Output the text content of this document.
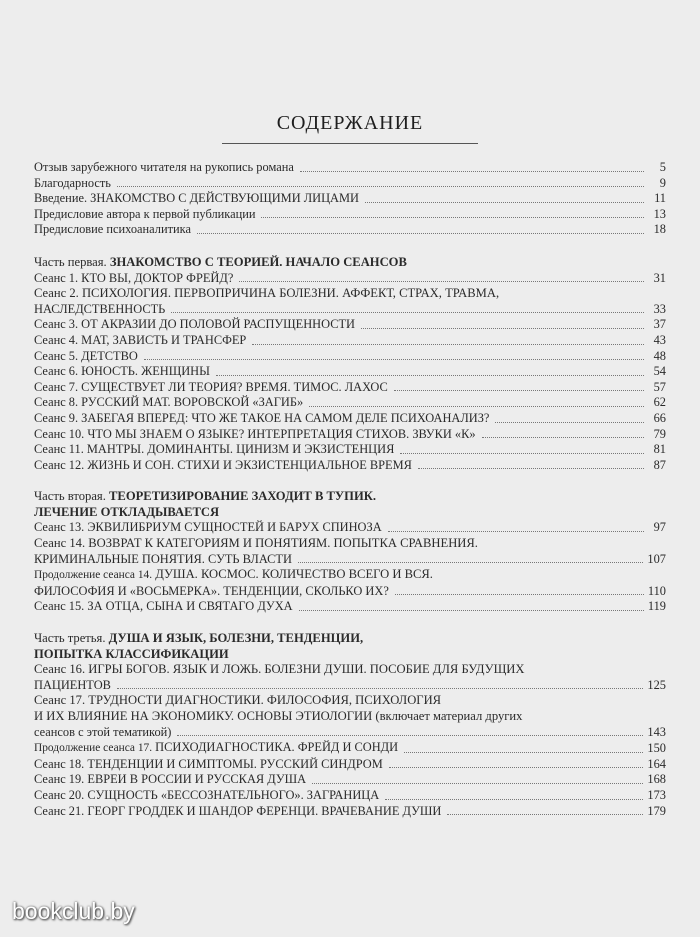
СОДЕРЖАНИЕ
Отзыв зарубежного читателя на рукопись романа	5
Благодарность	9
Введение. ЗНАКОМСТВО С ДЕЙСТВУЮЩИМИ ЛИЦАМИ	11
Предисловие автора к первой публикации	13
Предисловие психоаналитика	18
Часть первая. ЗНАКОМСТВО С ТЕОРИЕЙ. НАЧАЛО СЕАНСОВ
Сеанс 1. КТО ВЫ, ДОКТОР ФРЕЙД?	31
Сеанс 2. ПСИХОЛОГИЯ. ПЕРВОПРИЧИНА БОЛЕЗНИ. АФФЕКТ, СТРАХ, ТРАВМА,
НАСЛЕДСТВЕННОСТЬ	33
Сеанс 3. ОТ АКРАЗИИ ДО ПОЛОВОЙ РАСПУЩЕННОСТИ	37
Сеанс 4. МАТ, ЗАВИСТЬ И ТРАНСФЕР	43
Сеанс 5. ДЕТСТВО	48
Сеанс 6. ЮНОСТЬ. ЖЕНЩИНЫ	54
Сеанс 7. СУЩЕСТВУЕТ ЛИ ТЕОРИЯ? ВРЕМЯ. ТИМОС. ЛАХОС	57
Сеанс 8. РУССКИЙ МАТ. ВОРОВСКОЙ «ЗАГИБ»	62
Сеанс 9. ЗАБЕГАЯ ВПЕРЕД: ЧТО ЖЕ ТАКОЕ НА САМОМ ДЕЛЕ ПСИХОАНАЛИЗ?	66
Сеанс 10. ЧТО МЫ ЗНАЕМ О ЯЗЫКЕ? ИНТЕРПРЕТАЦИЯ СТИХОВ. ЗВУКИ «К»	79
Сеанс 11. МАНТРЫ. ДОМИНАНТЫ. ЦИНИЗМ И ЭКЗИСТЕНЦИЯ	81
Сеанс 12. ЖИЗНЬ И СОН. СТИХИ И ЭКЗИСТЕНЦИАЛЬНОЕ ВРЕМЯ	87
Часть вторая. ТЕОРЕТИЗИРОВАНИЕ ЗАХОДИТ В ТУПИК.
ЛЕЧЕНИЕ ОТКЛАДЫВАЕТСЯ
Сеанс 13. ЭКВИЛИБРИУМ СУЩНОСТЕЙ И БАРУХ СПИНОЗА	97
Сеанс 14. ВОЗВРАТ К КАТЕГОРИЯМ И ПОНЯТИЯМ. ПОПЫТКА СРАВНЕНИЯ.
КРИМИНАЛЬНЫЕ ПОНЯТИЯ. СУТЬ ВЛАСТИ	107
Продолжение сеанса 14. ДУША. КОСМОС. КОЛИЧЕСТВО ВСЕГО И ВСЯ.
ФИЛОСОФИЯ И «ВОСЬМЕРКА». ТЕНДЕНЦИИ, СКОЛЬКО ИХ?	110
Сеанс 15. ЗА ОТЦА, СЫНА И СВЯТАГО ДУХА	119
Часть третья. ДУША И ЯЗЫК, БОЛЕЗНИ, ТЕНДЕНЦИИ,
ПОПЫТКА КЛАССИФИКАЦИИ
Сеанс 16. ИГРЫ БОГОВ. ЯЗЫК И ЛОЖЬ. БОЛЕЗНИ ДУШИ. ПОСОБИЕ ДЛЯ БУДУЩИХ
ПАЦИЕНТОВ	125
Сеанс 17. ТРУДНОСТИ ДИАГНОСТИКИ. ФИЛОСОФИЯ, ПСИХОЛОГИЯ
И ИХ ВЛИЯНИЕ НА ЭКОНОМИКУ. ОСНОВЫ ЭТИОЛОГИИ (включает материал других
сеансов с этой тематикой)	143
Продолжение сеанса 17. ПСИХОДИАГНОСТИКА. ФРЕЙД И СОНДИ	150
Сеанс 18. ТЕНДЕНЦИИ И СИМПТОМЫ. РУССКИЙ СИНДРОМ	164
Сеанс 19. ЕВРЕИ В РОССИИ И РУССКАЯ ДУША	168
Сеанс 20. СУЩНОСТЬ «БЕССОЗНАТЕЛЬНОГО». ЗАГРАНИЦА	173
Сеанс 21. ГЕОРГ ГРОДДЕК И ШАНДОР ФЕРЕНЦИ. ВРАЧЕВАНИЕ ДУШИ	179
bookclub.by
